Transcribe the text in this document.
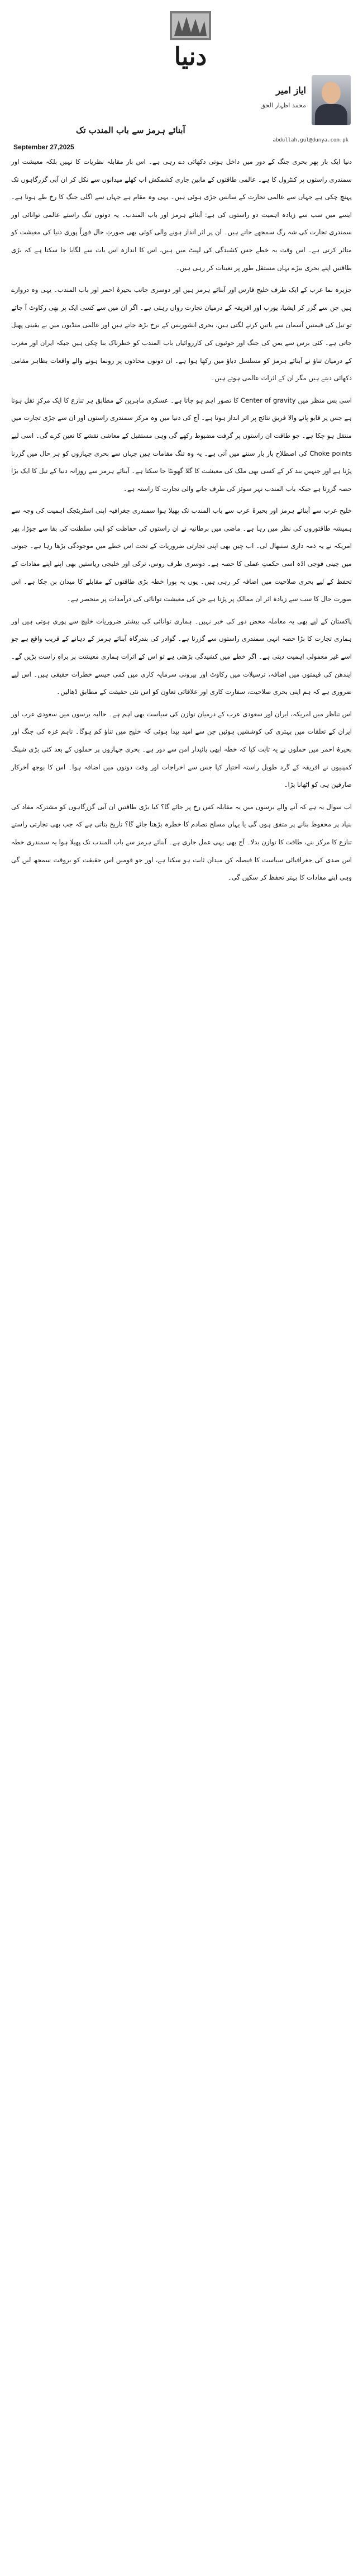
دنیا
ایاز امیر
محمد اظہار الحق
آبنائے ہرمز سے باب المندب تک
abdullah.gul@dunya.com.pk
September 27,2025

دنیا ایک بار پھر بحری جنگ کے دور میں داخل ہوتی دکھائی دے رہی ہے۔ اس بار مقابلہ نظریات کا نہیں بلکہ معیشت اور سمندری راستوں پر کنٹرول کا ہے۔ عالمی طاقتوں کے مابین جاری کشمکش اب کھلے میدانوں سے نکل کر ان آبی گزرگاہوں تک پہنچ چکی ہے جہاں سے عالمی تجارت کے سانس جڑی ہوئی ہیں۔ یہی وہ مقام ہے جہاں سے اگلی جنگ کا رخ طے ہونا ہے۔ ایسے میں سب سے زیادہ اہمیت دو راستوں کی ہے: آبنائے ہرمز اور باب المندب۔ یہ دونوں تنگ راستے عالمی توانائی اور سمندری تجارت کی شہ رگ سمجھے جاتے ہیں۔ ان پر اثر انداز ہونے والی کوئی بھی صورتِ حال فوراً پوری دنیا کی معیشت کو متاثر کرتی ہے۔ اس وقت یہ خطے جس کشیدگی کی لپیٹ میں ہیں، اس کا اندازہ اس بات سے لگایا جا سکتا ہے کہ بڑی طاقتیں اپنے بحری بیڑے یہاں مستقل طور پر تعینات کر رہی ہیں۔

جزیرہ نما عرب کے ایک طرف خلیج فارس اور آبنائے ہرمز ہیں اور دوسری جانب بحیرۂ احمر اور باب المندب۔ یہی وہ دروازے ہیں جن سے گزر کر ایشیا، یورپ اور افریقہ کے درمیان تجارت رواں رہتی ہے۔ اگر ان میں سے کسی ایک پر بھی رکاوٹ آ جائے تو تیل کی قیمتیں آسمان سے باتیں کرنے لگتی ہیں، بحری انشورنس کے نرخ بڑھ جاتے ہیں اور عالمی منڈیوں میں بے یقینی پھیل جاتی ہے۔ کئی برس سے یمن کی جنگ اور حوثیوں کی کارروائیاں باب المندب کو خطرناک بنا چکی ہیں جبکہ ایران اور مغرب کے درمیان تناؤ نے آبنائے ہرمز کو مسلسل دباؤ میں رکھا ہوا ہے۔ ان دونوں محاذوں پر رونما ہونے والے واقعات بظاہر مقامی دکھائی دیتے ہیں مگر ان کے اثرات عالمی ہوتے ہیں۔

اسی پس منظر میں Center of gravity کا تصور اہم ہو جاتا ہے۔ عسکری ماہرین کے مطابق ہر تنازع کا ایک مرکزِ ثقل ہوتا ہے جس پر قابو پانے والا فریق نتائج پر اثر انداز ہوتا ہے۔ آج کی دنیا میں وہ مرکز سمندری راستوں اور ان سے جڑی تجارت میں منتقل ہو چکا ہے۔ جو طاقت ان راستوں پر گرفت مضبوط رکھے گی وہی مستقبل کے معاشی نقشے کا تعین کرے گی۔ اسی لیے Choke points کی اصطلاح بار بار سننے میں آتی ہے۔ یہ وہ تنگ مقامات ہیں جہاں سے بحری جہازوں کو ہر حال میں گزرنا پڑتا ہے اور جنہیں بند کر کے کسی بھی ملک کی معیشت کا گلا گھونٹا جا سکتا ہے۔ آبنائے ہرمز سے روزانہ دنیا کے تیل کا ایک بڑا حصہ گزرتا ہے جبکہ باب المندب نہر سوئز کی طرف جانے والی تجارت کا راستہ ہے۔

خلیج عرب سے آبنائے ہرمز اور بحیرۂ عرب سے باب المندب تک پھیلا ہوا سمندری جغرافیہ اپنی اسٹریٹجک اہمیت کی وجہ سے ہمیشہ طاقتوروں کی نظر میں رہا ہے۔ ماضی میں برطانیہ نے ان راستوں کی حفاظت کو اپنی سلطنت کی بقا سے جوڑا، پھر امریکہ نے یہ ذمہ داری سنبھال لی۔ اب چین بھی اپنی تجارتی ضروریات کے تحت اس خطے میں موجودگی بڑھا رہا ہے۔ جبوتی میں چینی فوجی اڈہ اسی حکمتِ عملی کا حصہ ہے۔ دوسری طرف روس، ترکی اور خلیجی ریاستیں بھی اپنے اپنے مفادات کے تحفظ کے لیے بحری صلاحیت میں اضافہ کر رہی ہیں۔ یوں یہ پورا خطہ بڑی طاقتوں کے مقابلے کا میدان بن چکا ہے۔ اس صورت حال کا سب سے زیادہ اثر ان ممالک پر پڑتا ہے جن کی معیشت توانائی کی درآمدات پر منحصر ہے۔

پاکستان کے لیے بھی یہ معاملہ محض دور کی خبر نہیں۔ ہماری توانائی کی بیشتر ضروریات خلیج سے پوری ہوتی ہیں اور ہماری تجارت کا بڑا حصہ انہی سمندری راستوں سے گزرتا ہے۔ گوادر کی بندرگاہ آبنائے ہرمز کے دہانے کے قریب واقع ہے جو اسے غیر معمولی اہمیت دیتی ہے۔ اگر خطے میں کشیدگی بڑھتی ہے تو اس کے اثرات ہماری معیشت پر براہِ راست پڑیں گے۔ ایندھن کی قیمتوں میں اضافہ، ترسیلات میں رکاوٹ اور بیرونی سرمایہ کاری میں کمی جیسے خطرات حقیقی ہیں۔ اس لیے ضروری ہے کہ ہم اپنی بحری صلاحیت، سفارت کاری اور علاقائی تعاون کو اس نئی حقیقت کے مطابق ڈھالیں۔

اس تناظر میں امریکہ، ایران اور سعودی عرب کے درمیان توازن کی سیاست بھی اہم ہے۔ حالیہ برسوں میں سعودی عرب اور ایران کے تعلقات میں بہتری کی کوششیں ہوئیں جن سے امید پیدا ہوئی کہ خلیج میں تناؤ کم ہوگا۔ تاہم غزہ کی جنگ اور بحیرۂ احمر میں حملوں نے یہ ثابت کیا کہ خطہ ابھی پائیدار امن سے دور ہے۔ بحری جہازوں پر حملوں کے بعد کئی بڑی شپنگ کمپنیوں نے افریقہ کے گرد طویل راستہ اختیار کیا جس سے اخراجات اور وقت دونوں میں اضافہ ہوا۔ اس کا بوجھ آخرکار صارفین ہی کو اٹھانا پڑا۔

اب سوال یہ ہے کہ آنے والے برسوں میں یہ مقابلہ کس رخ پر جائے گا؟ کیا بڑی طاقتیں ان آبی گزرگاہوں کو مشترکہ مفاد کی بنیاد پر محفوظ بنانے پر متفق ہوں گی یا یہاں مسلح تصادم کا خطرہ بڑھتا جائے گا؟ تاریخ بتاتی ہے کہ جب بھی تجارتی راستے تنازع کا مرکز بنے، طاقت کا توازن بدلا۔ آج بھی یہی عمل جاری ہے۔ آبنائے ہرمز سے باب المندب تک پھیلا ہوا یہ سمندری خطہ اس صدی کی جغرافیائی سیاست کا فیصلہ کن میدان ثابت ہو سکتا ہے، اور جو قومیں اس حقیقت کو بروقت سمجھ لیں گی وہی اپنے مفادات کا بہتر تحفظ کر سکیں گی۔
